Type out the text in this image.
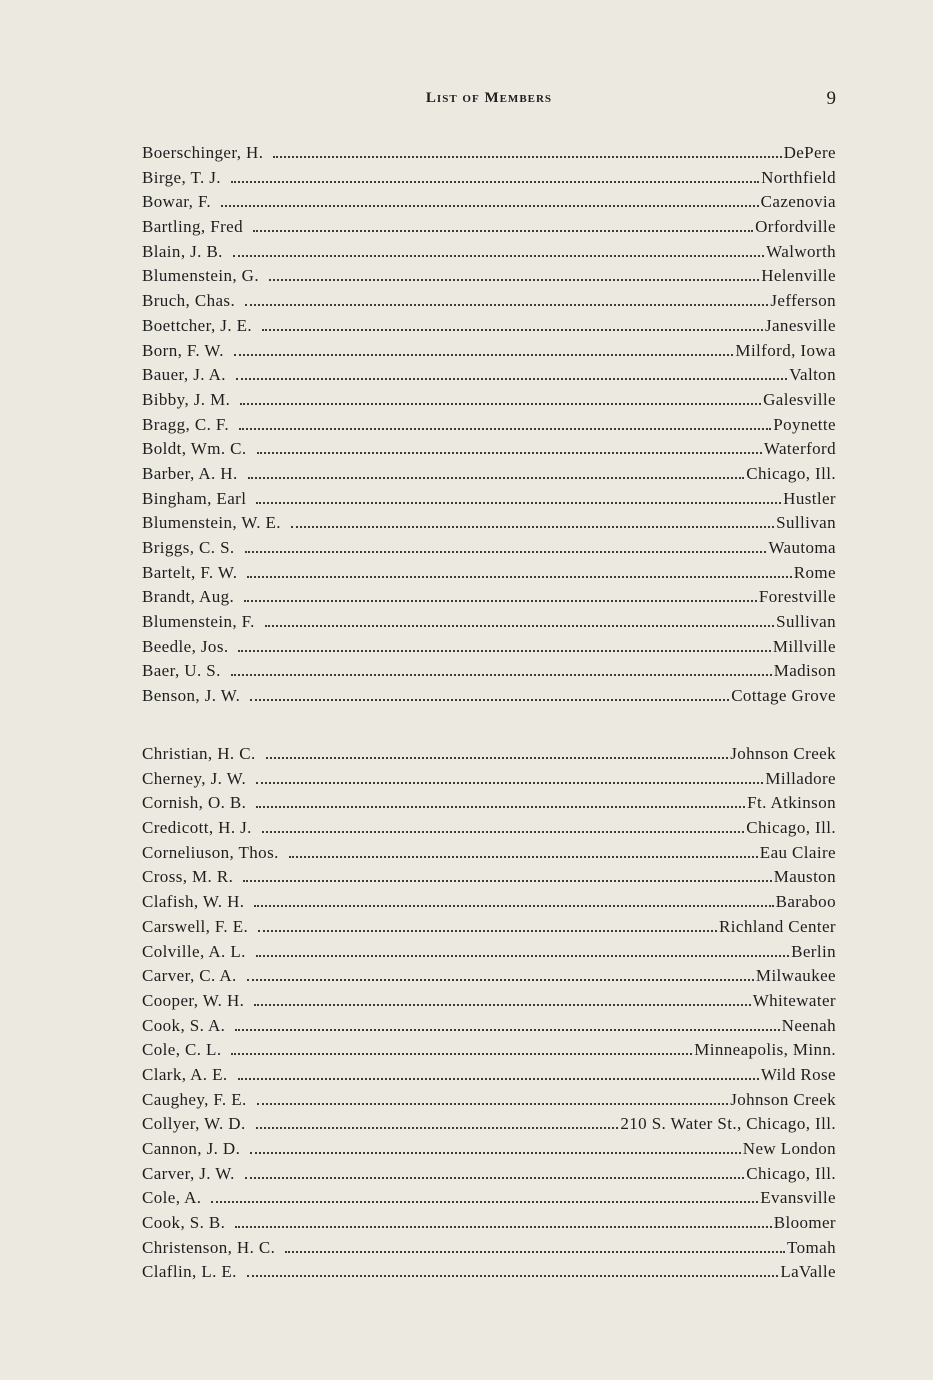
List of Members	9
Boerschinger, H.	DePere
Birge, T. J.	Northfield
Bowar, F.	Cazenovia
Bartling, Fred	Orfordville
Blain, J. B.	Walworth
Blumenstein, G.	Helenville
Bruch, Chas.	Jefferson
Boettcher, J. E.	Janesville
Born, F. W.	Milford, Iowa
Bauer, J. A.	Valton
Bibby, J. M.	Galesville
Bragg, C. F.	Poynette
Boldt, Wm. C.	Waterford
Barber, A. H.	Chicago, Ill.
Bingham, Earl	Hustler
Blumenstein, W. E.	Sullivan
Briggs, C. S.	Wautoma
Bartelt, F. W.	Rome
Brandt, Aug.	Forestville
Blumenstein, F.	Sullivan
Beedle, Jos.	Millville
Baer, U. S.	Madison
Benson, J. W.	Cottage Grove
Christian, H. C.	Johnson Creek
Cherney, J. W.	Milladore
Cornish, O. B.	Ft. Atkinson
Credicott, H. J.	Chicago, Ill.
Corneliuson, Thos.	Eau Claire
Cross, M. R.	Mauston
Clafish, W. H.	Baraboo
Carswell, F. E.	Richland Center
Colville, A. L.	Berlin
Carver, C. A.	Milwaukee
Cooper, W. H.	Whitewater
Cook, S. A.	Neenah
Cole, C. L.	Minneapolis, Minn.
Clark, A. E.	Wild Rose
Caughey, F. E.	Johnson Creek
Collyer, W. D.	210 S. Water St., Chicago, Ill.
Cannon, J. D.	New London
Carver, J. W.	Chicago, Ill.
Cole, A.	Evansville
Cook, S. B.	Bloomer
Christenson, H. C.	Tomah
Claflin, L. E.	LaValle
